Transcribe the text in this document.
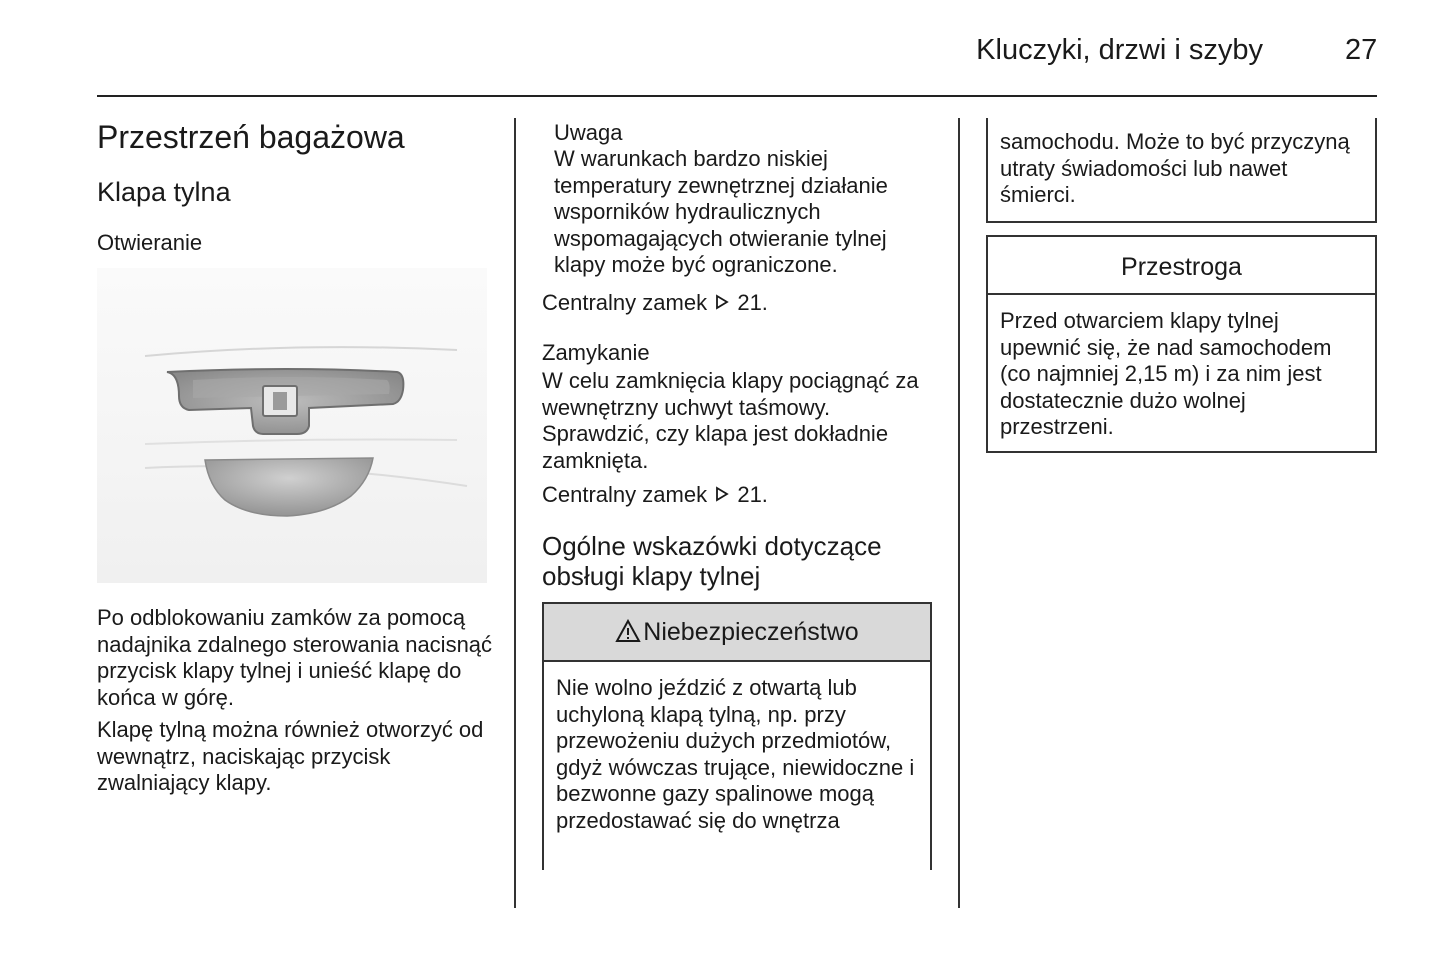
Kluczyki, drzwi i szyby	27
Przestrzeń bagażowa
Klapa tylna
Otwieranie
Po odblokowaniu zamków za pomocą nadajnika zdalnego sterowania nacisnąć przycisk klapy tylnej i unieść klapę do końca w górę.
Klapę tylną można również otworzyć od wewnątrz, naciskając przycisk zwalniający klapy.
Uwaga
W warunkach bardzo niskiej temperatury zewnętrznej działanie wsporników hydraulicznych wspomagających otwieranie tylnej klapy może być ograniczone.
Centralny zamek 21.
Zamykanie
W celu zamknięcia klapy pociągnąć za wewnętrzny uchwyt taśmowy. Sprawdzić, czy klapa jest dokładnie zamknięta.
Centralny zamek 21.
Ogólne wskazówki dotyczące obsługi klapy tylnej
Niebezpieczeństwo
Nie wolno jeździć z otwartą lub uchyloną klapą tylną, np. przy przewożeniu dużych przedmiotów, gdyż wówczas trujące, niewidoczne i bezwonne gazy spalinowe mogą przedostawać się do wnętrza
samochodu. Może to być przyczyną utraty świadomości lub nawet śmierci.
Przestroga
Przed otwarciem klapy tylnej upewnić się, że nad samochodem (co najmniej 2,15 m) i za nim jest dostatecznie dużo wolnej przestrzeni.
